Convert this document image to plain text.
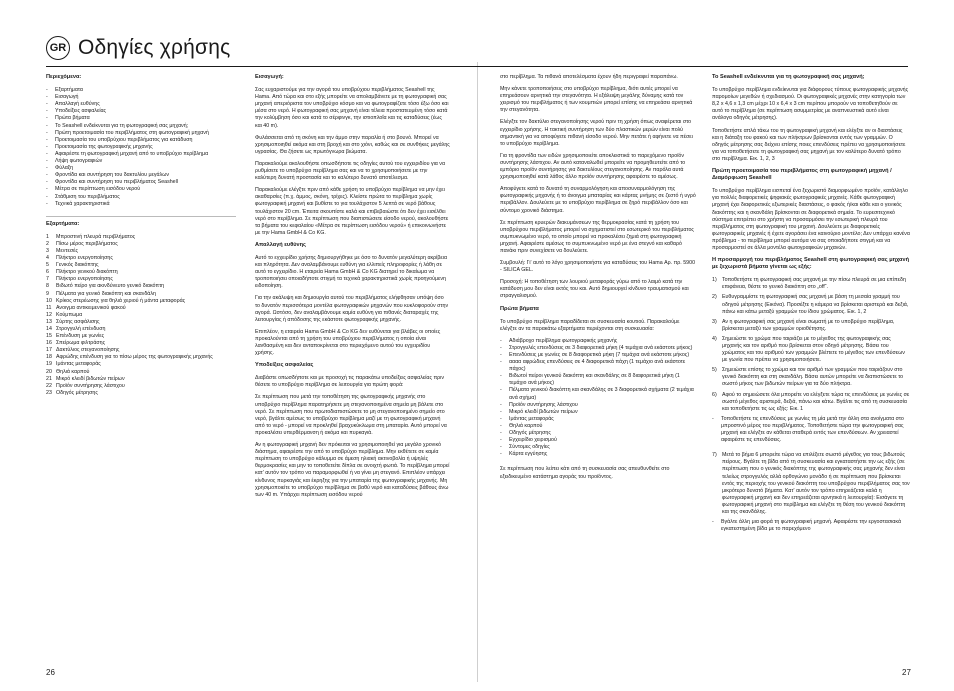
GR Οδηγίες χρήσης
Περιεχόμενα:
- Εξαρτήματα
- Εισαγωγή
- Απαλλαγή ευθύνης
- Υποδείξεις ασφαλείας
- Πρώτα βήματα
- Το Seashell ενδείκνυται για τη φωτογραφική σας μηχανή;
- Πρώτη προετοιμασία του περιβλήματος στη φωτογραφική μηχανή
- Προετοιμασία του υποβρύχιου περιβλήματος για κατάδυση
- Προετοιμασία της φωτογραφικής μηχανής
- Αφαιρέστε τη φωτογραφική μηχανή από το υποβρύχιο περίβλημα
- Λήψη φωτογραφιών
- Φύλαξη
- Φροντίδα και συντήρηση του δακτυλίου μεγάλων
- Φροντίδα και συντήρηση του περιβλήματος Seashell
- Μέτρα σε περίπτωση εισόδου νερού
- Στάθμιση του περιβλήματος
- Τεχνικά χαρακτηριστικά
Εξαρτήματα:
1	Μπροστινή πλευρά περιβλήματος
2	Πίσω μέρος περιβλήματος
3	Μεντεσές
4	Πλήκτρο ενεργοποίησης
5	Γενικός διακόπτης
6	Πλήκτρο γενικού διακόπτη
7	Πλήκτρο ενεργοποίησης
8	Βιδωτό πείρο για ακινδύνευτο γενικό διακόπτη
9	Πέλματα για γενικό διακόπτη και σκανδάλη
10 Κρίκος στερέωσης για θηλιά χεριού ή μάντα μεταφοράς
11 Ανοιγμα αντικειμενικού φακού
12 Κούμπωμα
13 Σύρτης ασφάλισης
14 Στρογγυλή επένδυση
15 Επένδυση με γωνίες
16 Σπείρωμα φιλτράσης
17 Δακτύλιος στεγανοποίησης
18 Αφρώδης επένδυση για το πίσω μέρος της φωτογραφικής μηχανής
19 Ιμάντας μεταφοράς
20 Θηλιά καρπού
21 Μικρό κλειδί βιδωτών πείρων
22 Προϊόν συντήρησης λάστιχου
23 Οδηγός μέτρησης
Εισαγωγή:

Σας ευχαριστούμε για την αγορά του υποβρύχιου περιβλήματος Seashell της Hama. Από τώρα και στο εξής μπορείτε να απολαμβάνετε με τη φωτογραφική σας μηχανή απεριόριστα τον υποβρύχιο κόσμο και να φωτογραφίζετε τόσο έξω όσο και μέσα στο νερό. Η φωτογραφική σας μηχανή είναι τέλεια προστατευμένη τόσο κατά την κολύμβηση όσο και κατά το σέρφινγκ, την ιστιοπλοΐα και τις καταδύσεις (έως και 40 m).

Φυλάσσεται από τη σκόνη και την άμμο στην παραλία ή στο βουνό. Μπορεί να χρησιμοποιηθεί ακόμα και στη βροχή και στο χιόνι, καθώς και σε συνθήκες μεγάλης υγρασίας. Θα ζήσετε ως πρωτόγνωρα βιώματα.

Παρακαλούμε ακολουθήστε οπωσδήποτε τις οδηγίες αυτού του εγχειριδίου για να ρυθμίσετε το υποβρύχιο περίβλημα σας και να το χρησιμοποιήσετε με την καλύτερη δυνατή προστασία και το καλύτερο δυνατό αποτέλεσμα.

Παρακαλούμε ελέγξτε πριν από κάθε χρήση το υποβρύχιο περίβλημα να μην έχει ακαθαρσίες (π.χ. άμμος, σκόνη, τρίχες). Κλείστε πρώτα το περίβλημα χωρίς φωτογραφική μηχανή και βυθίστε το για τουλάχιστον 5 λεπτά σε νερό βάθους τουλάχιστον 20 cm. Έπειτα σκουπίστε καλά και επιβεβαιώστε ότι δεν έχει εισέλθει νερό στο περίβλημα. Σε περίπτωση που διαπιστώσετε είσοδο νερού, ακολουθήστε τα βήματα του κεφαλαίου «Μέτρα σε περίπτωση εισόδου νερού» ή επικοινωνήστε με την Hama GmbH & Co KG.

Απαλλαγή ευθύνης

Αυτό το εγχειρίδιο χρήσης δημιουργήθηκε με όσο το δυνατόν μεγαλύτερη ακρίβεια και πληρότητα. Δεν αναλαμβάνουμε ευθύνη για ελλιπείς πληροφορίες ή λάθη σε αυτό το εγχειρίδιο. Η εταιρεία Hama GmbH & Co KG διατηρεί το δικαίωμα να τροποποιήσει οποιαδήποτε στιγμή τα τεχνικά χαρακτηριστικά χωρίς προηγούμενη ειδοποίηση.

Για την ακάλυψη και δημιουργία αυτού του περιβλήματος ελήφθησαν υπόψη όσο το δυνατόν περισσότερα μοντέλα φωτογραφικών μηχανών που κυκλοφορούν στην αγορά. Ωστόσο, δεν αναλαμβάνουμε καμία ευθύνη για πιθανές διαταραχές της λειτουργίας ή απόδοσης της εκάστοτε φωτογραφικής μηχανής.

Επιπλέον, η εταιρεία Hama GmbH & Co KG δεν ευθύνεται για βλάβες οι οποίες προκαλούνται από τη χρήση του υποβρύχιου περιβλήματος η οποία είναι λανθασμένη και δεν ανταποκρίνεται στο περιεχόμενο αυτού του εγχειριδίου χρήσης.

Υποδείξεις ασφαλείας

Διαβάστε οπωσδήποτε και με προσοχή τις παρακάτω υποδείξεις ασφαλείας πριν θέσετε το υποβρύχιο περίβλημα σε λειτουργία για πρώτη φορά:

Σε περίπτωση που μετά την τοποθέτηση της φωτογραφικής μηχανής στο υποβρύχιο περίβλημα παρατηρήσετε μη στεγανοποιημένα σημεία μη βάλετε στο νερό. Σε περίπτωση που πρωτοδιαπιστώσετε το μη στεγανοποιημένο σημείο στο νερό, βγάλτε αμέσως το υποβρύχιο περίβλημα μαζί με τη φωτογραφική μηχανή από το νερό - μπορεί να προκληθεί βραχυκύκλωμα στη μπαταρία. Αυτό μπορεί να προκαλέσει υπερθέρμανση ή ακόμα και πυρκαγιά.

Αν η φωτογραφική μηχανή δεν πρόκειται να χρησιμοποιηθεί για μεγάλο χρονικό διάστημα, αφαιρέστε την από το υποβρύχιο περίβλημα. Μην εκθέτετε σε καμία περίπτωση το υποβρύχιο κάλυμμα σε άμεση ηλιακή ακτινοβολία ή υψηλές θερμοκρασίες και μην το τοποθετείτε δίπλα σε ανοιχτή φωτιά. Το περίβλημα μπορεί κατ' αυτόν τον τρόπο να παραμορφωθεί ή να γίνει μη στεγανό. Επιπλέον υπάρχει κίνδυνος πυρκαγιάς και έκρηξης για την μπαταρία της φωτογραφικής μηχανής. Μη χρησιμοποιείτε το υποβρύχιο περίβλημα σε βαθύ νερό και καταδύσεις βάθους άνω των 40 m. Υπάρχει περίπτωση εισόδου νερού

στο περίβλημα. Τα πιθανά αποτελέσματα έχουν ήδη περιγραφεί παραπάνω.

Μην κάνετε τροποποιήσεις στο υποβρύχιο περίβλημα, διότι αυτές μπορεί να επηρεάσουν αρνητικά την στεγανότητα. Η εξάλειψη μεγάλης δύναμης κατά τον χειρισμό του περιβλήματος ή των κουμπιών μπορεί επίσης να επηρεάσει αρνητικά την στεγανότητα.

Ελέγξτε τον δακτύλιο στεγανοποίησης νερού πριν τη χρήση όπως αναφέρεται στο εγχειρίδιο χρήσης. Η τακτική συντήρηση των δύο πλαστικών μερών είναι πολύ σημαντική για να αποφύγετε πιθανή είσοδο νερού. Μην πετάτε ή αφήνετε να πέσει το υποβρύχιο περίβλημα.

Για τη φροντίδα των ειδών χρησιμοποιείτε αποκλειστικά το παρεχόμενο προϊόν συντήρησης λάστιχου. Αν αυτό καταναλωθεί μπορείτε να προμηθευτείτε από το εμπόριο προϊόν συντήρησης για δακτυλίους στεγανοποίησης. Αν παρόλα αυτά χρησιμοποιηθεί κατά λάθος άλλο προϊόν συντήρησης αφαιρέστε το αμέσως.

Αποφύγετε κατά το δυνατό τη συναρμολόγηση και αποσυναρμολόγηση της φωτογραφικής μηχανής ή το άνοιγμα μπαταρίας και κάρτας μνήμης σε ζεστό ή υγρό περιβάλλον. Δουλεύετε με το υποβρύχιο περίβλημα σε ξηρό περιβάλλον όσο και σύντομο χρονικό διάστημα.

Σε περίπτωση κρυερών διακυμάνσεων της θερμοκρασίας κατά τη χρήση του υποβρύχιου περιβλήματος μπορεί να σχηματιστεί στο εσωτερικό του περιβλήματος συμπυκνωμένο νερό, το οποίο μπορεί να προκαλέσει ζημιά στη φωτογραφική μηχανή. Αφαιρέστε αμέσως το συμπυκνωμένο νερό με ένα στεγνό και καθαρό πανάκι πριν συνεχίσετε να δουλεύετε.

Συμβουλή: Γι' αυτό το λόγο χρησιμοποιήστε για καταδύσεις του Hama Αρ. πρ. 5900 - SILICA GEL.

Προσοχή: Η τοποθέτηση των λουριού μεταφοράς γύρω από το λαιμό κατά την κατάδυση μου δεν είναι εκτός του και. Αυτό δημιουργεί κίνδυνο τραυματισμού και στραγγαλισμού.

Πρώτα βήματα

Το υποβρύχιο περίβλημα παραδίδεται σε συσκευασία κουτιού. Παρακαλούμε ελέγξτε αν τα παρακάτω εξαρτήματα περιέχονται στη συσκευασία:

- Αδιάβροχο περίβλημα φωτογραφικής μηχανής
- Στρογγυλές επενδύσεις σε 3 διαφορετικά μήκη (4 τεμάχια ανά εκάστοτε μήκος)
- Επενδύσεις με γωνίες σε 8 διαφορετικά μήκη (7 τεμάχια ανά εκάστοτε μήκος)
- αααα αφρώδεις επενδύσεις σε 4 διαφορετικά πάχη (1 τεμάχιο ανά εκάστοτε πάχος)
- Βιδωτοί πείροι γενικού διακόπτη και σκανδάλης σε 8 διαφορετικά μήκη (1 τεμάχιο ανά μήκος)
- Πέλματα γενικού διακόπτη και σκανδάλης σε 3 διαφορετικά σχήματα (2 τεμάχια ανά σχήμα)
- Προϊόν συντήρησης λάστιχου
- Μικρό κλειδί βιδωτών πείρων
- Ιμάντας μεταφοράς
- Θηλιά καρπού
- Οδηγός μέτρησης
- Εγχειρίδιο χειρισμού
- Σύντομες οδηγίες
- Κάρτα εγγύησης

Σε περίπτωση που λείπει κάτι από τη συσκευασία σας απευθυνθείτε στο εξειδικευμένο κατάστημα αγοράς του προϊόντος.

Το Seashell ενδείκνυται για τη φωτογραφική σας μηχανή;

Το υποβρύχιο περίβλημα ενδείκνυται για διάφορους τύπους φωτογραφικής μηχανής παρομοίων μεγεθών ή σχεδιασμού. Οι φωτογραφικές μηχανές στην κατηγορία των 8,2 x 4,6 x 1,3 cm μέχρι 10 x 6,4 x 3 cm περίπου μπορούν να τοποθετηθούν σε αυτό το περίβλημα (σε περίπτωση ασυμμετρίας με αναπνευστικά αυτό είναι ανάλογα οδηγός μέτρησης).

Τοποθετήστε απλά τάκω του τη φωτογραφική μηχανή και ελέγξτε αν οι διαστάσεις και η διάταξη του φακού και των πλήκτρων βρίσκονται εντός των γραμμών. Ο οδηγός μέτρησης σας δείχνει επίσης ποιες επενδύσεις πρέπει να χρησιμοποιήσετε για να τοποθετήσετε τη φωτογραφική σας μηχανή με τον καλύτερο δυνατό τρόπο στο περίβλημα. Εικ. 1, 2, 3

Πρώτη προετοιμασία του περιβλήματος στη φωτογραφική μηχανή / Διαμόρφωση Seashell

Το υποβρύχιο περίβλημα εισπεταί ένα ξεχωριστό διαμορφωμένο προϊόν, κατάλληλο για πολλές διαφορετικές ψηφιακές φωτογραφικές μηχανές. Κάθε φωτογραφική μηχανή έχει διαφορετικές εξωτερικές διαστάσεις, ο φακός ή/και κάθε και ο γενικός διακόπτης και η σκανδάλη βρίσκονται σε διαφορετικά σημεία. Το ευρεσιτεχνικό σύστημα επιτρέπει στο χρήστη να προσαρμόσει την εσωτερική πλευρά του περιβλήματος στη φωτογραφική του μηχανή. Δουλεύετε με διαφορετικές φωτογραφικές μηχανές ή έχετε αγοράσει ένα καινούριο μοντέλο; Δεν υπάρχει κανένα πρόβλημα - το περίβλημα μπορεί αυτόμα να σας οποιαδήποτε στιγμή και να προσαρμοστεί σε άλλα μοντέλα φωτογραφικών μηχανών.

Η προσαρμογή του περιβλήματος Seashell στη φωτογραφική σας μηχανή με ξεχωριστά βήματα γίνεται ως εξής:
1) Τοποθετήστε τη φωτογραφική σας μηχανή με την πίσω πλευρά σε μια επίπεδη επιφάνεια, θέστε το γενικό διακόπτη στο „off“.
2) Ευθυγραμμίστε τη φωτογραφική σας μηχανή με βάση τη μεσαία γραμμή του οδηγού μέτρησης (Εικόνα). Προσέξτε η κάμερα να βρίσκεται αριστερά και δεξιά, πάνω και κάτω μεταξύ γραμμών του ίδιου χρώματος. Εικ. 1, 2
3) Αν η φωτογραφική σας μηχανή είναι σωματή με το υποβρύχιο περίβλημα, βρίσκεται μεταξύ των γραμμών οριοθέτησης.
4) Σημειώστε το χρώμα που ταιριάζει με το μέγεθος της φωτογραφικής σας μηχανής και τον αριθμό που βρίσκεται στον οδηγό μέτρησης. Βάσει του χρώματος και του αριθμού των γραμμών βλέπετε το μέγεθος των επενδύσεων με γωνία που πρέπει να χρησιμοποιήσετε.
5) Σημειώστε επίσης το χρώμα και τον αριθμό των γραμμών που ταιριάζουν στο γενικό διακόπτη και στη σκανδάλη. Βάσει αυτών μπορείτε να διαπιστώσετε το σωστό μήκος των βιδωτών πείρων για τα δύο πλήκτρα.
6) Αφού το σημειώσετε όλα μπορείτε να ελέγξετε τώρα τις επενδύσεις με γωνίες σε σωστό μέγεθος αριστερά, δεξιά, πάνω και κάτω. Βγάλτε τις από τη συσκευασία και τοποθετήστε τις ως εξής: Εικ. 1
- Τοποθετήστε τις επενδύσεις με γωνίες τη μία μετά την άλλη στα ανοίγματα στο μπροστινό μέρος του περιβλήματος. Τοποθετήστε τώρα την φωτογραφική σας μηχανή και ελέγξτε αν κάθεται σταθερά εντός των επενδύσεων. Αν χρειαστεί αφαιρέστε τις επενδύσεις.
7) Μετά το βήμα 6 μπορείτε τώρα να επιλέξετε σωστό μέγεθος για τους βιδωτούς πείρους. Βγάλτε τη βίδα από τη συσκευασία και εγκαταστήστε την ως εξής (σε περίπτωση που ο γενικός διακόπτης της φωτογραφικής σας μηχανής δεν είναι τελείως στρογγυλός αλλά ορθογώνιο μονάδο ή σε περίπτωση που βρίσκεται εντός της περιοχής του γενικού διακόπτη του υποβρύχιου περιβλήματος σας τον μικρότερο δυνατό βήματα. Κατ' αυτόν τον τρόπο επηρεάζεται καλά η φωτογραφική μηχανή και δεν επηρεάζεται αρνητικά η λειτουργία): Εισάγετε τη φωτογραφική μηχανή στο περίβλημα και ελέγξτε τη θέση του γενικού διακόπτη και της σκανδάλης.
- Βγάλτε άλλη μια φορά τη φωτογραφική μηχανή. Αφαιρέστε την εργοστασιακά εγκατεστημένη βίδα με το παρεχόμενο
26	27
